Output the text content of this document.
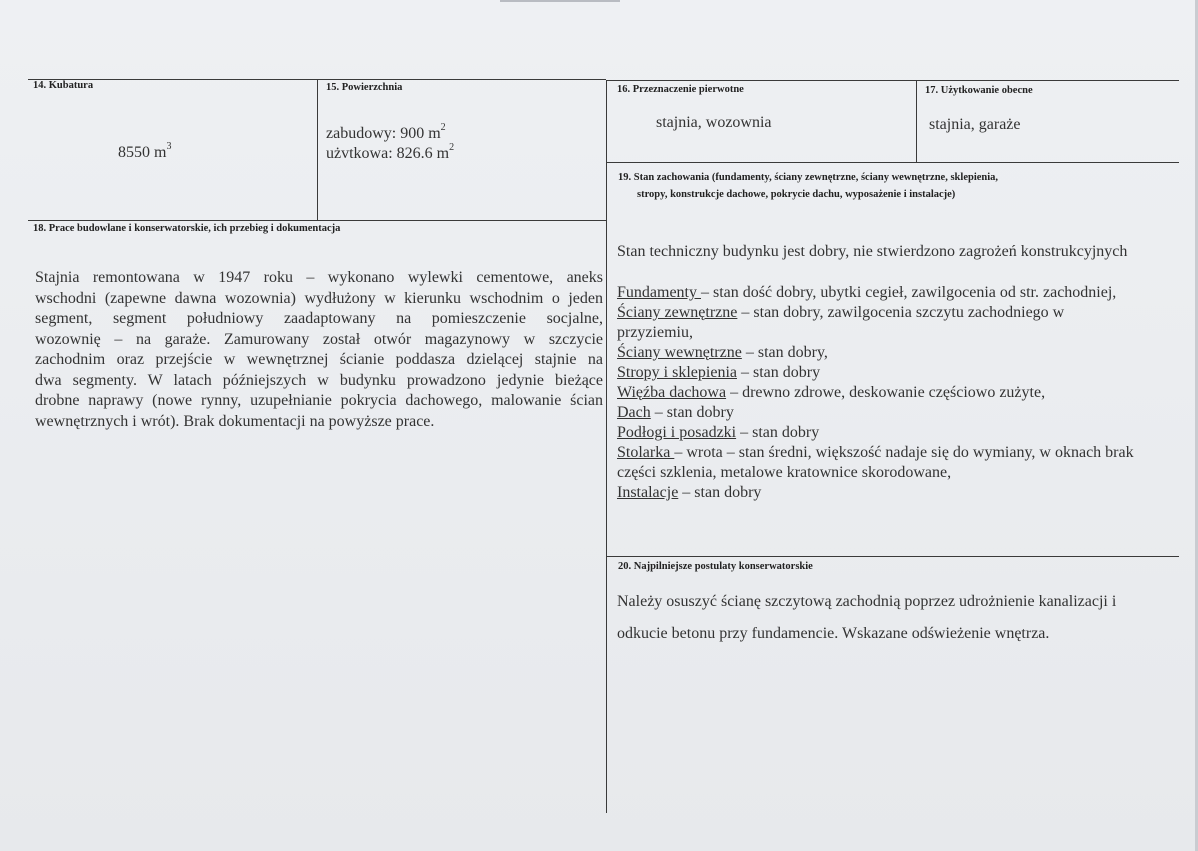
14. Kubatura
8550 $m^3$
15. Powierzchnia
zabudowy: 900 $m^2$
użvtkowa: 826.6 $m^2$
16. Przeznaczenie pierwotne
stajnia, wozownia
17. Użytkowanie obecne
stajnia, garaże
18. Prace budowlane i konserwatorskie, ich przebieg i dokumentacja
Stajnia remontowana w 1947 roku – wykonano wylewki cementowe, aneks
wschodni (zapewne dawna wozownia) wydłużony w kierunku wschodnim o jeden
segment, segment południowy zaadaptowany na pomieszczenie socjalne,
wozownię – na garaże. Zamurowany został otwór magazynowy w szczycie
zachodnim oraz przejście w wewnętrznej ścianie poddasza dzielącej stajnie na
dwa segmenty. W latach późniejszych w budynku prowadzono jedynie bieżące
drobne naprawy (nowe rynny, uzupełnianie pokrycia dachowego, malowanie ścian
wewnętrznych i wrót). Brak dokumentacji na powyższe prace.
19. Stan zachowania (fundamenty, ściany zewnętrzne, ściany wewnętrzne, sklepienia,
stropy, konstrukcje dachowe, pokrycie dachu, wyposażenie i instalacje)
Stan techniczny budynku jest dobry, nie stwierdzono zagrożeń konstrukcyjnych
Fundamenty – stan dość dobry, ubytki cegieł, zawilgocenia od str. zachodniej,
Ściany zewnętrzne – stan dobry, zawilgocenia szczytu zachodniego w
przyziemiu,
Ściany wewnętrzne – stan dobry,
Stropy i sklepienia – stan dobry
Więźba dachowa – drewno zdrowe, deskowanie częściowo zużyte,
Dach – stan dobry
Podłogi i posadzki – stan dobry
Stolarka – wrota – stan średni, większość nadaje się do wymiany, w oknach brak
części szklenia, metalowe kratownice skorodowane,
Instalacje – stan dobry
20. Najpilniejsze postulaty konserwatorskie
Należy osuszyć ścianę szczytową zachodnią poprzez udrożnienie kanalizacji i
odkucie betonu przy fundamencie. Wskazane odświeżenie wnętrza.
